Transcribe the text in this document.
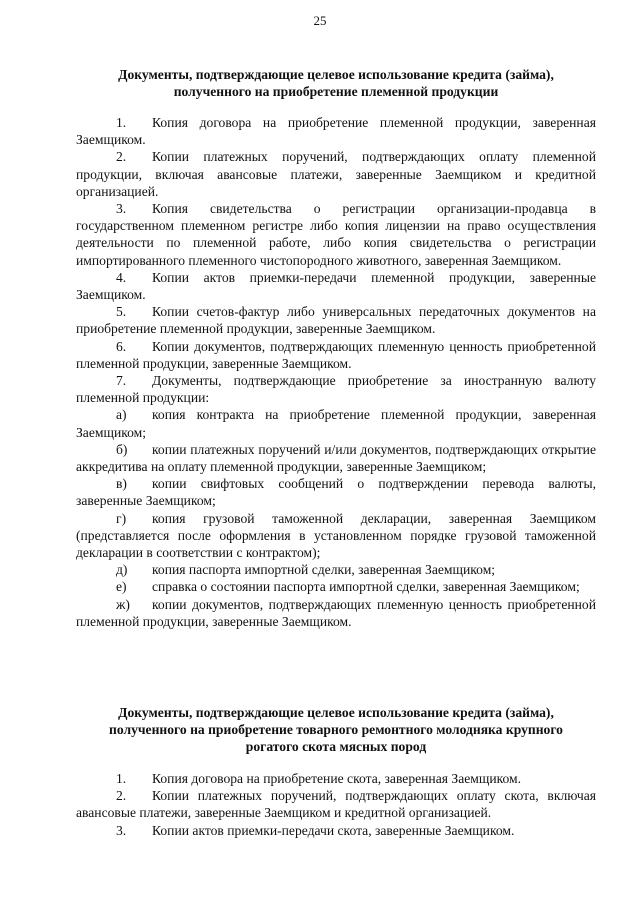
25
Документы, подтверждающие целевое использование кредита (займа),
полученного на приобретение племенной продукции

1. Копия договора на приобретение племенной продукции, заверенная Заемщиком.

2. Копии платежных поручений, подтверждающих оплату племенной продукции, включая авансовые платежи, заверенные Заемщиком и кредитной организацией.

3. Копия свидетельства о регистрации организации-продавца в государственном племенном регистре либо копия лицензии на право осуществления деятельности по племенной работе, либо копия свидетельства о регистрации импортированного племенного чистопородного животного, заверенная Заемщиком.

4. Копии актов приемки-передачи племенной продукции, заверенные Заемщиком.

5. Копии счетов-фактур либо универсальных передаточных документов на приобретение племенной продукции, заверенные Заемщиком.

6. Копии документов, подтверждающих племенную ценность приобретенной племенной продукции, заверенные Заемщиком.

7. Документы, подтверждающие приобретение за иностранную валюту племенной продукции:

а) копия контракта на приобретение племенной продукции, заверенная Заемщиком;

б) копии платежных поручений и/или документов, подтверждающих открытие аккредитива на оплату племенной продукции, заверенные Заемщиком;

в) копии свифтовых сообщений о подтверждении перевода валюты, заверенные Заемщиком;

г) копия грузовой таможенной декларации, заверенная Заемщиком (представляется после оформления в установленном порядке грузовой таможенной декларации в соответствии с контрактом);

д) копия паспорта импортной сделки, заверенная Заемщиком;

е) справка о состоянии паспорта импортной сделки, заверенная Заемщиком;

ж) копии документов, подтверждающих племенную ценность приобретенной племенной продукции, заверенные Заемщиком.

Документы, подтверждающие целевое использование кредита (займа),
полученного на приобретение товарного ремонтного молодняка крупного
рогатого скота мясных пород

1. Копия договора на приобретение скота, заверенная Заемщиком.

2. Копии платежных поручений, подтверждающих оплату скота, включая авансовые платежи, заверенные Заемщиком и кредитной организацией.

3. Копии актов приемки-передачи скота, заверенные Заемщиком.
